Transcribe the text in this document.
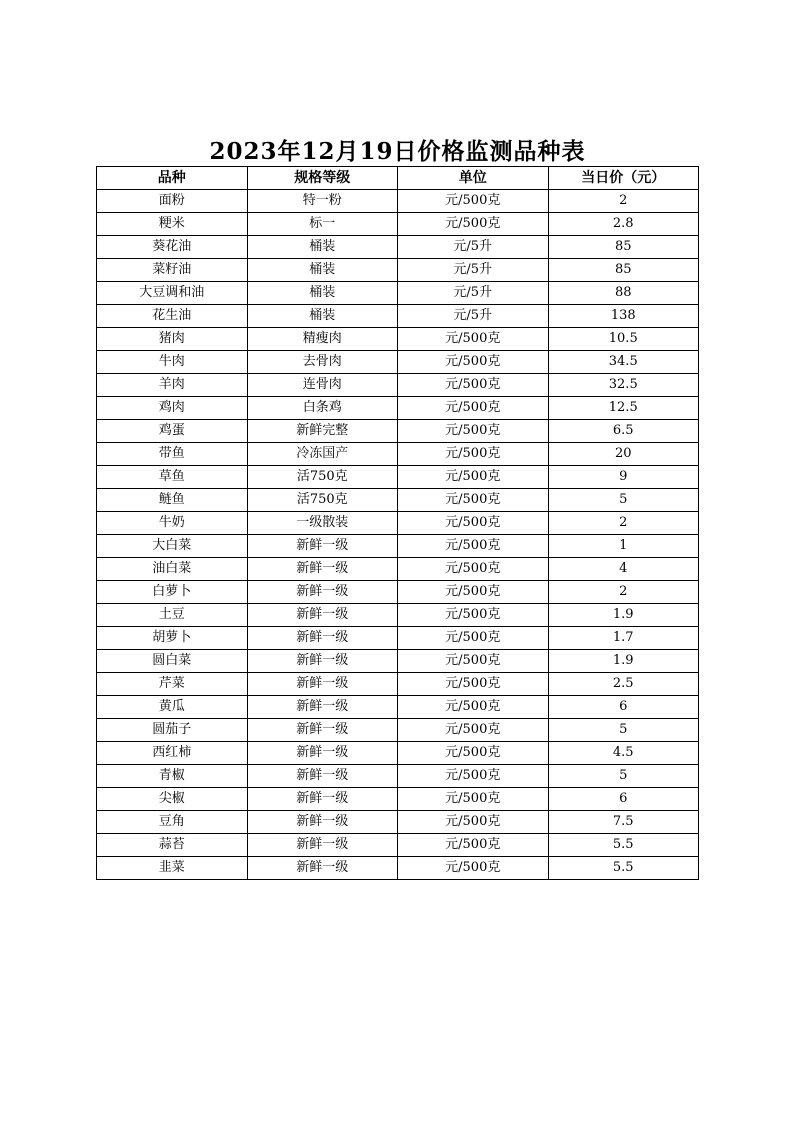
2023年12月19日价格监测品种表
品种	规格等级	单位	当日价（元）
面粉	特一粉	元/500克	2
粳米	标一	元/500克	2.8
葵花油	桶装	元/5升	85
菜籽油	桶装	元/5升	85
大豆调和油	桶装	元/5升	88
花生油	桶装	元/5升	138
猪肉	精瘦肉	元/500克	10.5
牛肉	去骨肉	元/500克	34.5
羊肉	连骨肉	元/500克	32.5
鸡肉	白条鸡	元/500克	12.5
鸡蛋	新鲜完整	元/500克	6.5
带鱼	冷冻国产	元/500克	20
草鱼	活750克	元/500克	9
鲢鱼	活750克	元/500克	5
牛奶	一级散装	元/500克	2
大白菜	新鲜一级	元/500克	1
油白菜	新鲜一级	元/500克	4
白萝卜	新鲜一级	元/500克	2
土豆	新鲜一级	元/500克	1.9
胡萝卜	新鲜一级	元/500克	1.7
圆白菜	新鲜一级	元/500克	1.9
芹菜	新鲜一级	元/500克	2.5
黄瓜	新鲜一级	元/500克	6
圆茄子	新鲜一级	元/500克	5
西红柿	新鲜一级	元/500克	4.5
青椒	新鲜一级	元/500克	5
尖椒	新鲜一级	元/500克	6
豆角	新鲜一级	元/500克	7.5
蒜苔	新鲜一级	元/500克	5.5
韭菜	新鲜一级	元/500克	5.5
